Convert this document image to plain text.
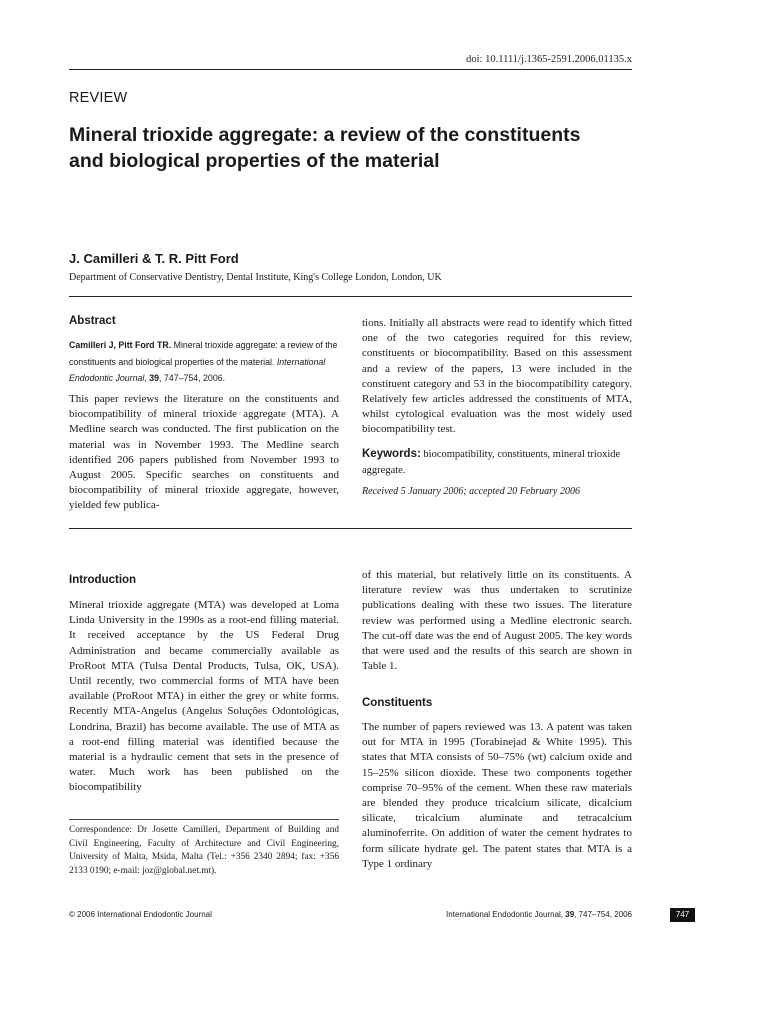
doi: 10.1111/j.1365-2591.2006.01135.x
REVIEW
Mineral trioxide aggregate: a review of the constituents and biological properties of the material
J. Camilleri & T. R. Pitt Ford
Department of Conservative Dentistry, Dental Institute, King's College London, London, UK
Abstract

Camilleri J, Pitt Ford TR. Mineral trioxide aggregate: a review of the constituents and biological properties of the material. International Endodontic Journal, 39, 747–754, 2006.

This paper reviews the literature on the constituents and biocompatibility of mineral trioxide aggregate (MTA). A Medline search was conducted. The first publication on the material was in November 1993. The Medline search identified 206 papers published from November 1993 to August 2005. Specific searches on constituents and biocompatibility of mineral trioxide aggregate, however, yielded few publica-

tions. Initially all abstracts were read to identify which fitted one of the two categories required for this review, constituents or biocompatibility. Based on this assessment and a review of the papers, 13 were included in the constituent category and 53 in the biocompatibility category. Relatively few articles addressed the constituents of MTA, whilst cytological evaluation was the most widely used biocompatibility test.

Keywords: biocompatibility, constituents, mineral trioxide aggregate.

Received 5 January 2006; accepted 20 February 2006
Introduction

Mineral trioxide aggregate (MTA) was developed at Loma Linda University in the 1990s as a root-end filling material. It received acceptance by the US Federal Drug Administration and became commercially available as ProRoot MTA (Tulsa Dental Products, Tulsa, OK, USA). Until recently, two commercial forms of MTA have been available (ProRoot MTA) in either the grey or white forms. Recently MTA-Angelus (Angelus Soluções Odontológicas, Londrina, Brazil) has become available. The use of MTA as a root-end filling material was identified because the material is a hydraulic cement that sets in the presence of water. Much work has been published on the biocompatibility

of this material, but relatively little on its constituents. A literature review was thus undertaken to scrutinize publications dealing with these two issues. The literature review was performed using a Medline electronic search. The cut-off date was the end of August 2005. The key words that were used and the results of this search are shown in Table 1.

Constituents

The number of papers reviewed was 13. A patent was taken out for MTA in 1995 (Torabinejad & White 1995). This states that MTA consists of 50–75% (wt) calcium oxide and 15–25% silicon dioxide. These two components together comprise 70–95% of the cement. When these raw materials are blended they produce tricalcium silicate, dicalcium silicate, tricalcium aluminate and tetracalcium aluminoferrite. On addition of water the cement hydrates to form silicate hydrate gel. The patent states that MTA is a Type 1 ordinary

Correspondence: Dr Josette Camilleri, Department of Building and Civil Engineering, Faculty of Architecture and Civil Engineering, University of Malta, Msida, Malta (Tel.: +356 2340 2894; fax: +356 2133 0190; e-mail: joz@global.net.mt).

© 2006 International Endodontic Journal	International Endodontic Journal, 39, 747–754, 2006	747
